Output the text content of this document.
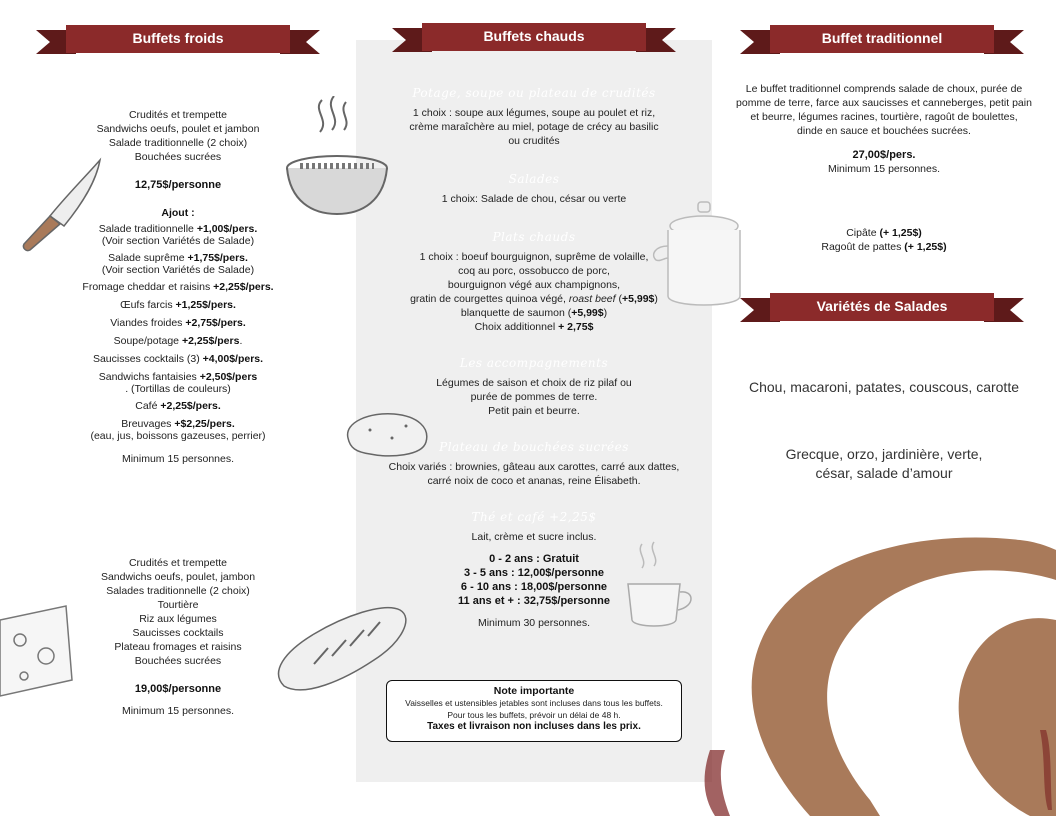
Buffets froids

Crudités et trempette

Sandwichs oeufs, poulet et jambon

Salade traditionnelle (2 choix)

Bouchées sucrées

12,75$/personne

Ajout :

Salade traditionnelle +1,00$/pers.

(Voir section Variétés de Salade)

Salade suprême +1,75$/pers.

(Voir section Variétés de Salade)

Fromage cheddar et raisins +2,25$/pers.

Œufs farcis +1,25$/pers.

Viandes froides +2,75$/pers.

Soupe/potage +2,25$/pers.

Saucisses cocktails (3) +4,00$/pers.

Sandwichs fantaisies +2,50$/pers

. (Tortillas de couleurs)

Café +2,25$/pers.

Breuvages +$2,25/pers.

(eau, jus, boissons gazeuses, perrier)

Minimum 15 personnes.

Crudités et trempette

Sandwichs oeufs, poulet, jambon

Salades traditionnelle (2 choix)

Tourtière

Riz aux légumes

Saucisses cocktails

Plateau fromages et raisins

Bouchées sucrées

19,00$/personne

Minimum 15 personnes.

Buffets chauds

Potage, soupe ou plateau de crudités

1 choix : soupe aux légumes, soupe au poulet et riz,

crème maraîchère au miel, potage de crécy au basilic

ou crudités

Salades

1 choix: Salade de chou, césar ou verte

Plats chauds

1 choix : boeuf bourguignon, suprême de volaille,

coq au porc, ossobucco de porc,

bourguignon végé aux champignons,

gratin de courgettes quinoa végé, roast beef (+5,99$)

blanquette de saumon (+5,99$)

Choix additionnel + 2,75$

Les accompagnements

Légumes de saison et choix de riz pilaf ou

purée de pommes de terre.

Petit pain et beurre.

Plateau de bouchées sucrées

Choix variés : brownies, gâteau aux carottes, carré aux dattes,

carré noix de coco et ananas, reine Élisabeth.

Thé et café +2,25$

Lait, crème et sucre inclus.

0 - 2 ans : Gratuit
3 - 5 ans : 12,00$/personne
6 - 10 ans : 18,00$/personne
11 ans et + : 32,75$/personne

Minimum 30 personnes.

Note importante
Vaisselles et ustensibles jetables sont incluses dans tous les buffets.
Pour tous les buffets, prévoir un délai de 48 h.
Taxes et livraison non incluses dans les prix.
Buffet traditionnel

Le buffet traditionnel comprends salade de choux, purée de

pomme de terre, farce aux saucisses et canneberges, petit pain

et beurre, légumes racines, tourtière, ragoût de boulettes,

dinde en sauce et bouchées sucrées.

27,00$/pers.

Minimum 15 personnes.

Cipâte (+ 1,25$)

Ragoût de pattes (+ 1,25$)

Variétés de Salades
Chou, macaroni, patates, couscous, carotte
Grecque, orzo, jardinière, verte,
césar, salade d’amour
2023
